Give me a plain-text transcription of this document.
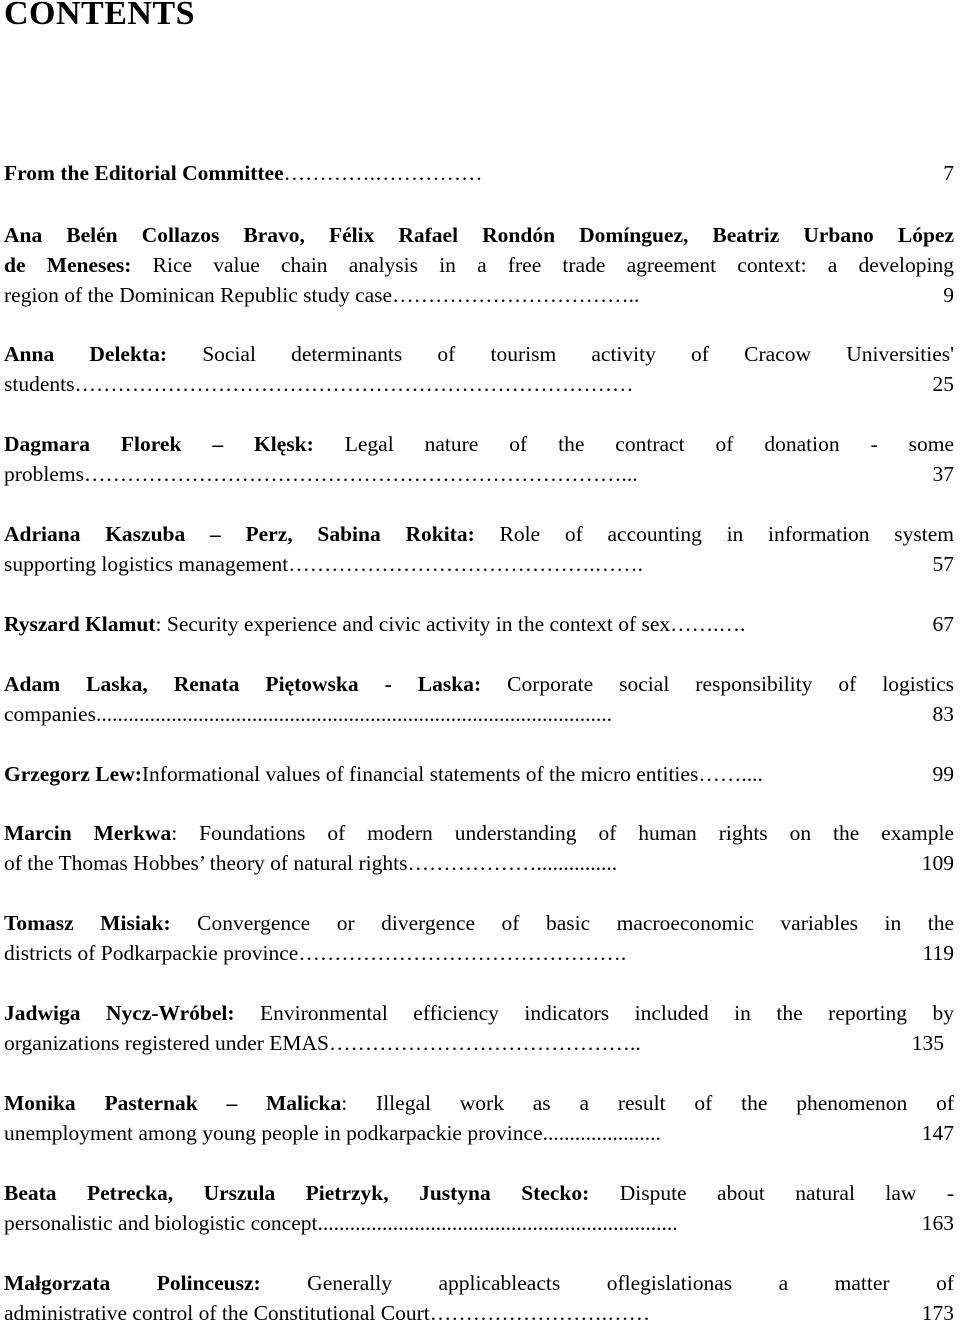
CONTENTS
From the Editorial Committee ………….……………	7
Ana Belén Collazos Bravo, Félix Rafael Rondón Domínguez, Beatriz Urbano López
de Meneses: Rice value chain analysis in a free trade agreement context: a developing
region of the Dominican Republic study case ……………………………..	9
Anna Delekta: Social determinants of tourism activity of Cracow Universities'
students ……………………………………………………………………	25
Dagmara Florek – Klęsk: Legal nature of the contract of donation - some
problems …………………………………………………………………...	37
Adriana Kaszuba – Perz, Sabina Rokita: Role of accounting in information system
supporting logistics management …………………………………….…….	57
Ryszard Klamut : Security experience and civic activity in the context of sex …….….	67
Adam Laska, Renata Piętowska - Laska: Corporate social responsibility of logistics
companies ................................................................................................	83
Grzegorz Lew: Informational values of financial statements of the micro entities ……....	99
Marcin Merkwa: Foundations of modern understanding of human rights on the example
of the Thomas Hobbes’ theory of natural rights ………………...............	109
Tomasz Misiak: Convergence or divergence of basic macroeconomic variables in the
districts of Podkarpackie province ……………………………………….	119
Jadwiga Nycz-Wróbel: Environmental efficiency indicators included in the reporting by
organizations registered under EMAS ……………………………………..	135
Monika Pasternak – Malicka: Illegal work as a result of the phenomenon of
unemployment among young people in podkarpackie province ......................	147
Beata Petrecka, Urszula Pietrzyk, Justyna Stecko: Dispute about natural law -
personalistic and biologistic concept ...................................................................	163
Małgorzata Polinceusz: Generally applicableacts oflegislationas a matter of
administrative control of the Constitutional Court …………………….……	173
